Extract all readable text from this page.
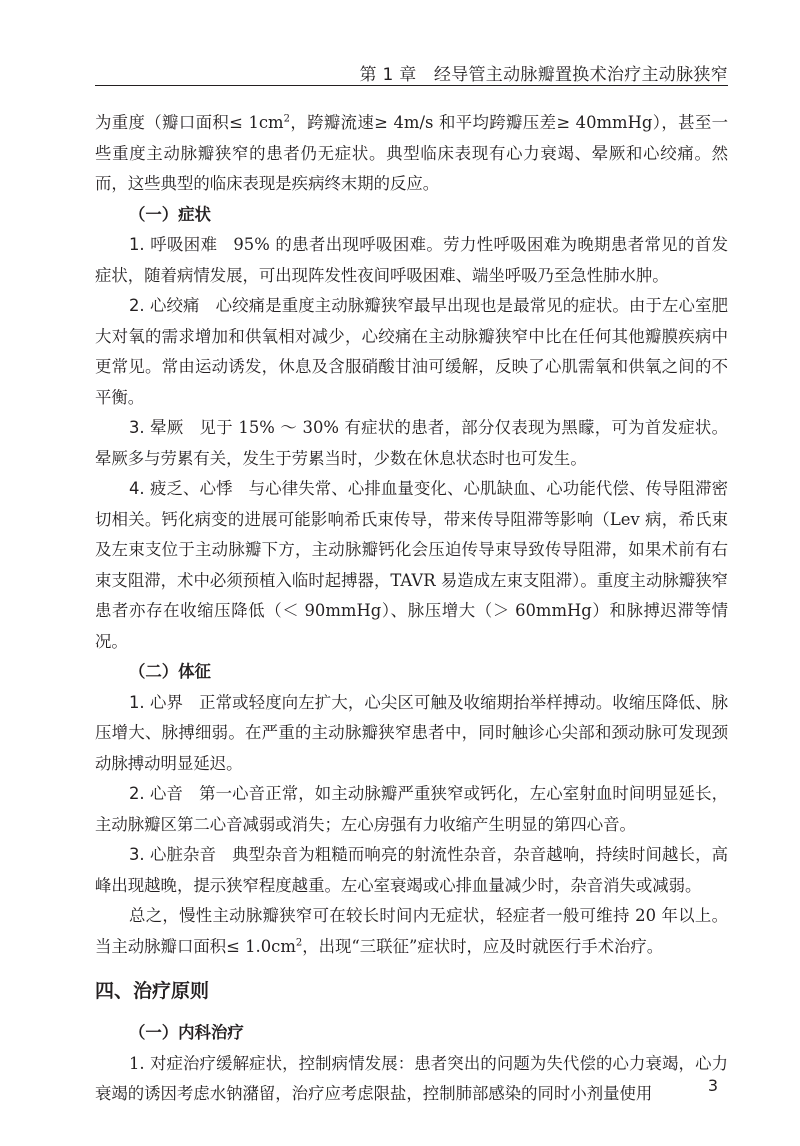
第 1 章　经导管主动脉瓣置换术治疗主动脉狭窄

为重度（瓣口面积≤ $1cm^2$，跨瓣流速≥ 4m/s 和平均跨瓣压差≥ 40mmHg），甚至一些重度主动脉瓣狭窄的患者仍无症状。典型临床表现有心力衰竭、晕厥和心绞痛。然而，这些典型的临床表现是疾病终末期的反应。

（一）症状

1. 呼吸困难 95% 的患者出现呼吸困难。劳力性呼吸困难为晚期患者常见的首发症状，随着病情发展，可出现阵发性夜间呼吸困难、端坐呼吸乃至急性肺水肿。

2. 心绞痛 心绞痛是重度主动脉瓣狭窄最早出现也是最常见的症状。由于左心室肥大对氧的需求增加和供氧相对减少，心绞痛在主动脉瓣狭窄中比在任何其他瓣膜疾病中更常见。常由运动诱发，休息及含服硝酸甘油可缓解，反映了心肌需氧和供氧之间的不平衡。

3. 晕厥 见于 15% ～ 30% 有症状的患者，部分仅表现为黑矇，可为首发症状。晕厥多与劳累有关，发生于劳累当时，少数在休息状态时也可发生。

4. 疲乏、心悸 与心律失常、心排血量变化、心肌缺血、心功能代偿、传导阻滞密切相关。钙化病变的进展可能影响希氏束传导，带来传导阻滞等影响（Lev 病，希氏束及左束支位于主动脉瓣下方，主动脉瓣钙化会压迫传导束导致传导阻滞，如果术前有右束支阻滞，术中必须预植入临时起搏器，TAVR 易造成左束支阻滞）。重度主动脉瓣狭窄患者亦存在收缩压降低（＜ 90mmHg）、脉压增大（＞ 60mmHg）和脉搏迟滞等情况。

（二）体征

1. 心界 正常或轻度向左扩大，心尖区可触及收缩期抬举样搏动。收缩压降低、脉压增大、脉搏细弱。在严重的主动脉瓣狭窄患者中，同时触诊心尖部和颈动脉可发现颈动脉搏动明显延迟。

2. 心音 第一心音正常，如主动脉瓣严重狭窄或钙化，左心室射血时间明显延长，主动脉瓣区第二心音减弱或消失；左心房强有力收缩产生明显的第四心音。

3. 心脏杂音 典型杂音为粗糙而响亮的射流性杂音，杂音越响，持续时间越长，高峰出现越晚，提示狭窄程度越重。左心室衰竭或心排血量减少时，杂音消失或减弱。

总之，慢性主动脉瓣狭窄可在较长时间内无症状，轻症者一般可维持 20 年以上。当主动脉瓣口面积≤ $1.0cm^2$，出现“三联征”症状时，应及时就医行手术治疗。

四、治疗原则
（一）内科治疗

1. 对症治疗缓解症状，控制病情发展：患者突出的问题为失代偿的心力衰竭，心力衰竭的诱因考虑水钠潴留，治疗应考虑限盐，控制肺部感染的同时小剂量使用	3
